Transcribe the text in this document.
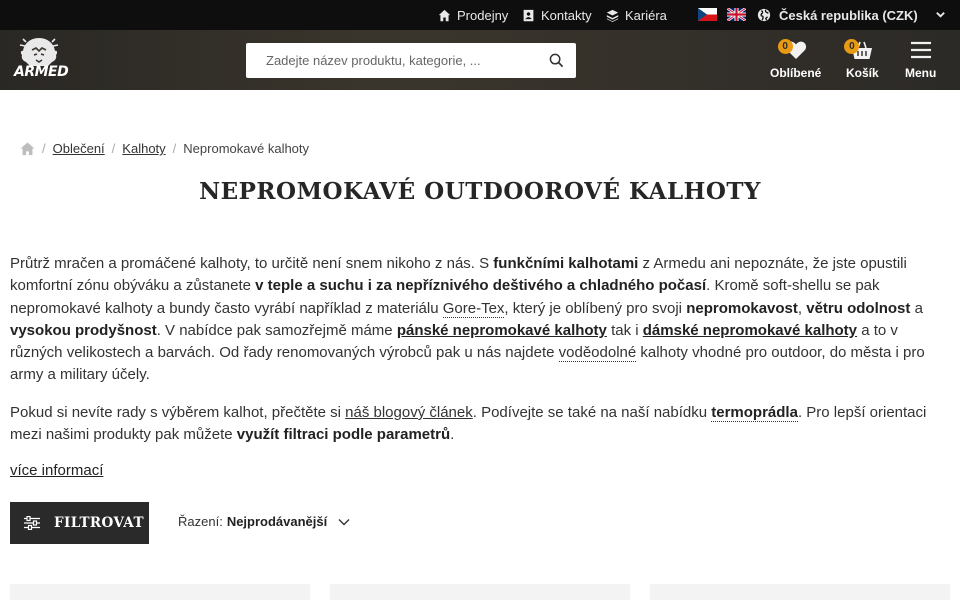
Prodejny	Kontakty	Kariéra	Česká republika (CZK)
ARMED
Zadejte název produktu, kategorie, ...
0
Oblíbené
0
Košík Menu
/ Oblečení / Kalhoty / Nepromokavé kalhoty
NEPROMOKAVÉ OUTDOOROVÉ KALHOTY

Průtrž mračen a promáčené kalhoty, to určitě není snem nikoho z nás. S funkčními kalhotami z Armedu ani nepoznáte, že jste opustili komfortní zónu obýváku a zůstanete v teple a suchu i za nepříznivého deštivého a chladného počasí. Kromě soft-shellu se pak nepromokavé kalhoty a bundy často vyrábí například z materiálu Gore-Tex, který je oblíbený pro svoji nepromokavost, větru odolnost a vysokou prodyšnost. V nabídce pak samozřejmě máme pánské nepromokavé kalhoty tak i dámské nepromokavé kalhoty a to v různých velikostech a barvách. Od řady renomovaných výrobců pak u nás najdete voděodolné kalhoty vhodné pro outdoor, do města i pro army a military účely.

Pokud si nevíte rady s výběrem kalhot, přečtěte si náš blogový článek. Podívejte se také na naší nabídku termoprádla. Pro lepší orientaci mezi našimi produkty pak můžete využít filtraci podle parametrů.

více informací
FILTROVAT	Řazení: Nejprodávanější
